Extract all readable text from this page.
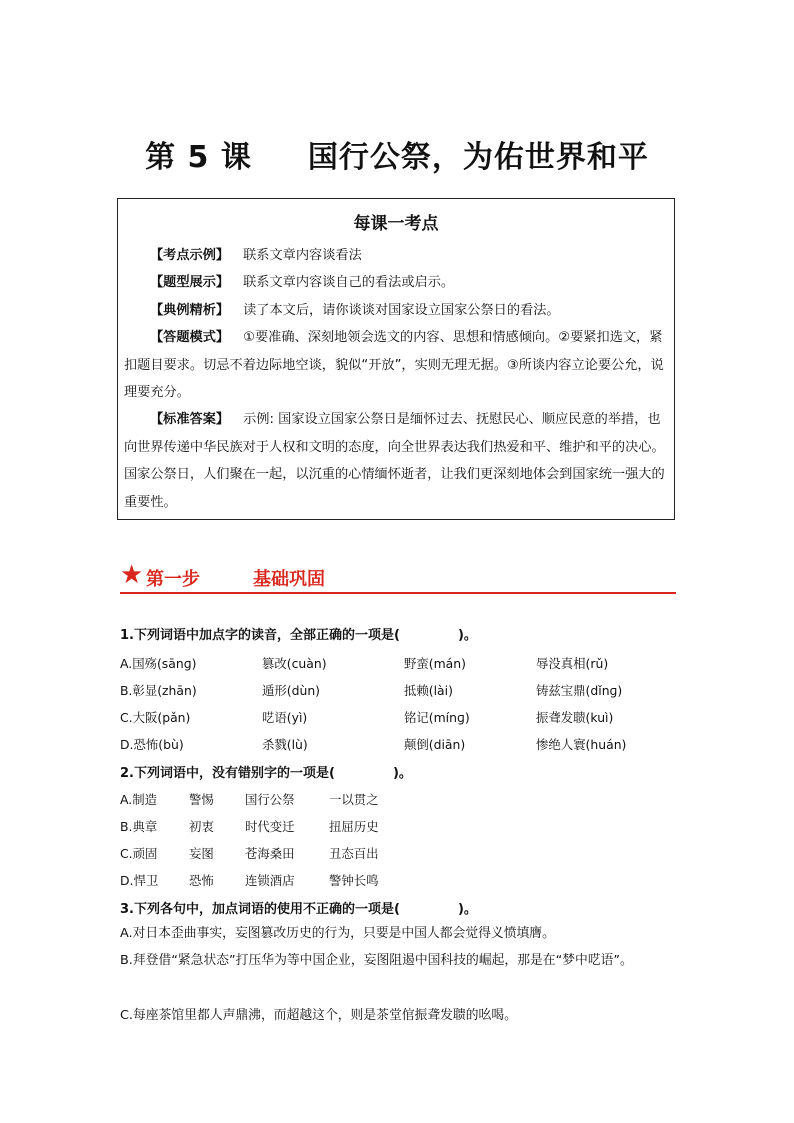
第 5 课 国行公祭，为佑世界和平
每课一考点

【考点示例】 联系文章内容谈看法

【题型展示】 联系文章内容谈自己的看法或启示。

【典例精析】 读了本文后，请你谈谈对国家设立国家公祭日的看法。

【答题模式】 ①要准确、深刻地领会选文的内容、思想和情感倾向。②要紧扣选文，紧扣题目要求。切忌不着边际地空谈，貌似“开放”，实则无理无据。③所谈内容立论要公允，说理要充分。

【标准答案】 示例: 国家设立国家公祭日是缅怀过去、抚慰民心、顺应民意的举措，也向世界传递中华民族对于人权和文明的态度，向全世界表达我们热爱和平、维护和平的决心。国家公祭日，人们聚在一起，以沉重的心情缅怀逝者，让我们更深刻地体会到国家统一强大的重要性。

★ 第一步	基础巩固
1.下列词语中加点字的读音，全部正确的一项是(	)。
A.国殇(sānɡ)	篡改(cuàn)	野蛮(mán)	辱没真相(rǔ)
B.彰显(zhān)	遁形(dùn)	抵赖(lài)	铸兹宝鼎(dǐnɡ)
C.大阪(pǎn)	呓语(yì)	铭记(mínɡ)	振聋发聩(kuì)
D.恐怖(bù)	杀戮(lù)	颠倒(diān)	惨绝人寰(huán)
2.下列词语中，没有错别字的一项是(	)。
A.制造	警惕	国行公祭	一以贯之
B.典章	初衷	时代变迁	扭屈历史
C.顽固	妄图	苍海桑田	丑态百出
D.悍卫 恐怖	连锁酒店	警钟长鸣
3.下列各句中，加点词语的使用不正确的一项是(	)。
A.对日本歪曲事实，妄图篡改历史的行为，只要是中国人都会觉得义愤填膺。
B.拜登借“紧急状态”打压华为等中国企业，妄图阻遏中国科技的崛起，那是在“梦中呓语”。
C.每座茶馆里都人声鼎沸，而超越这个，则是茶堂倌振聋发聩的吆喝。
